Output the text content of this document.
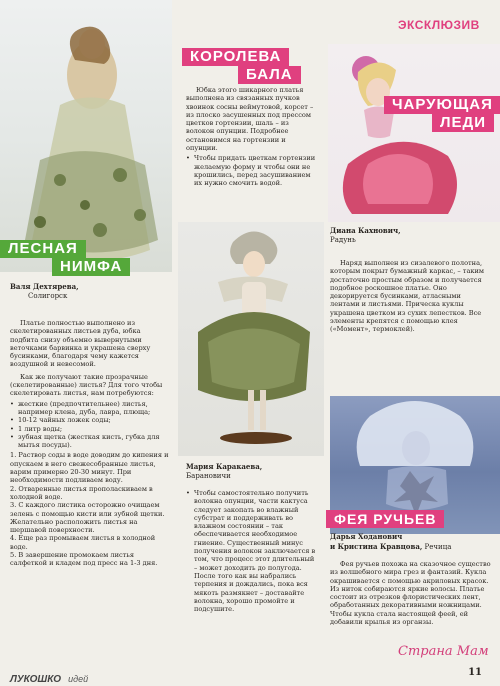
ЭКСКЛЮЗИВ
ЛЕСНАЯ
НИМФА
Валя Дехтярева,
Солигорск

Платье полностью выполнено из скелетированных листьев дуба, юбка подбита снизу объемно вывернутыми веточками барвинка и украшена сверху бусинками, благодаря чему кажется воздушной и невесомой.

Как же получают такие прозрачные (скелетированные) листья? Для того чтобы скелетировать листья, нам потребуются:

• жесткие (предпочтительнее) листья, например клена, дуба, лавра, плюща;
• 10-12 чайных ложек соды;
• 1 литр воды;
• зубная щетка (жесткая кисть, губка для мытья посуды).

1. Раствор соды в воде доводим до кипения и опускаем в него свежесобранные листья, варим примерно 20-30 минут. При необходимости подливаем воду.

2. Отваренные листья прополаскиваем в холодной воде.

3. С каждого листика осторожно очищаем зелень с помощью кисти или зубной щетки. Желательно расположить листья на шершавой поверхности.

4. Еще раз промываем листья в холодной воде.

5. В завершение промокаем листья салфеткой и кладем под пресс на 1-3 дня.

КОРОЛЕВА
БАЛА

Юбка этого шикарного платья выполнена из связанных пучков хвоинок сосны веймутовой, корсет – из плоско засушенных под прессом цветков гортензии, шаль – из волокон опунции. Подробнее остановимся на гортензии и опунции.

• Чтобы придать цветкам гортензии желаемую форму и чтобы они не крошились, перед засушиванием их нужно смочить водой.
Мария Каракаева,
Барановичи
• Чтобы самостоятельно получить волокна опунции, части кактуса следует закопать во влажный субстрат и поддерживать во влажном состоянии – так обеспечивается необходимое гниение. Существенный минус получения волокон заключается в том, что процесс этот длительный – может доходить до полугода. После того как вы набрались терпения и дождались, пока вся мякоть размякнет – доставайте волокна, хорошо промойте и подсушите.
ЧАРУЮЩАЯ
ЛЕДИ
Диана Кахнович,
Радунь

Наряд выполнен из сизалевого полотна, которым покрыт бумажный каркас, – таким достаточно простым образом и получается подобное роскошное платье. Оно декорируется бусинками, атласными лентами и листьями. Прическа куклы украшена цветком из сухих лепестков. Все элементы крепятся с помощью клея («Момент», термоклей).

ФЕЯ РУЧЬЕВ
Дарья Ходанович
и Кристина Кравцова, Речица

Фея ручьев похожа на сказочное существо из волшебного мира грез и фантазий. Кукла окрашивается с помощью акриловых красок. Из ниток собираются яркие волосы. Платье состоит из отрезков флористических лент, обработанных декоративными ножницами. Чтобы кукла стала настоящей феей, ей добавили крылья из органзы.

ЛУКОШКО идей
11
Страна Мам
